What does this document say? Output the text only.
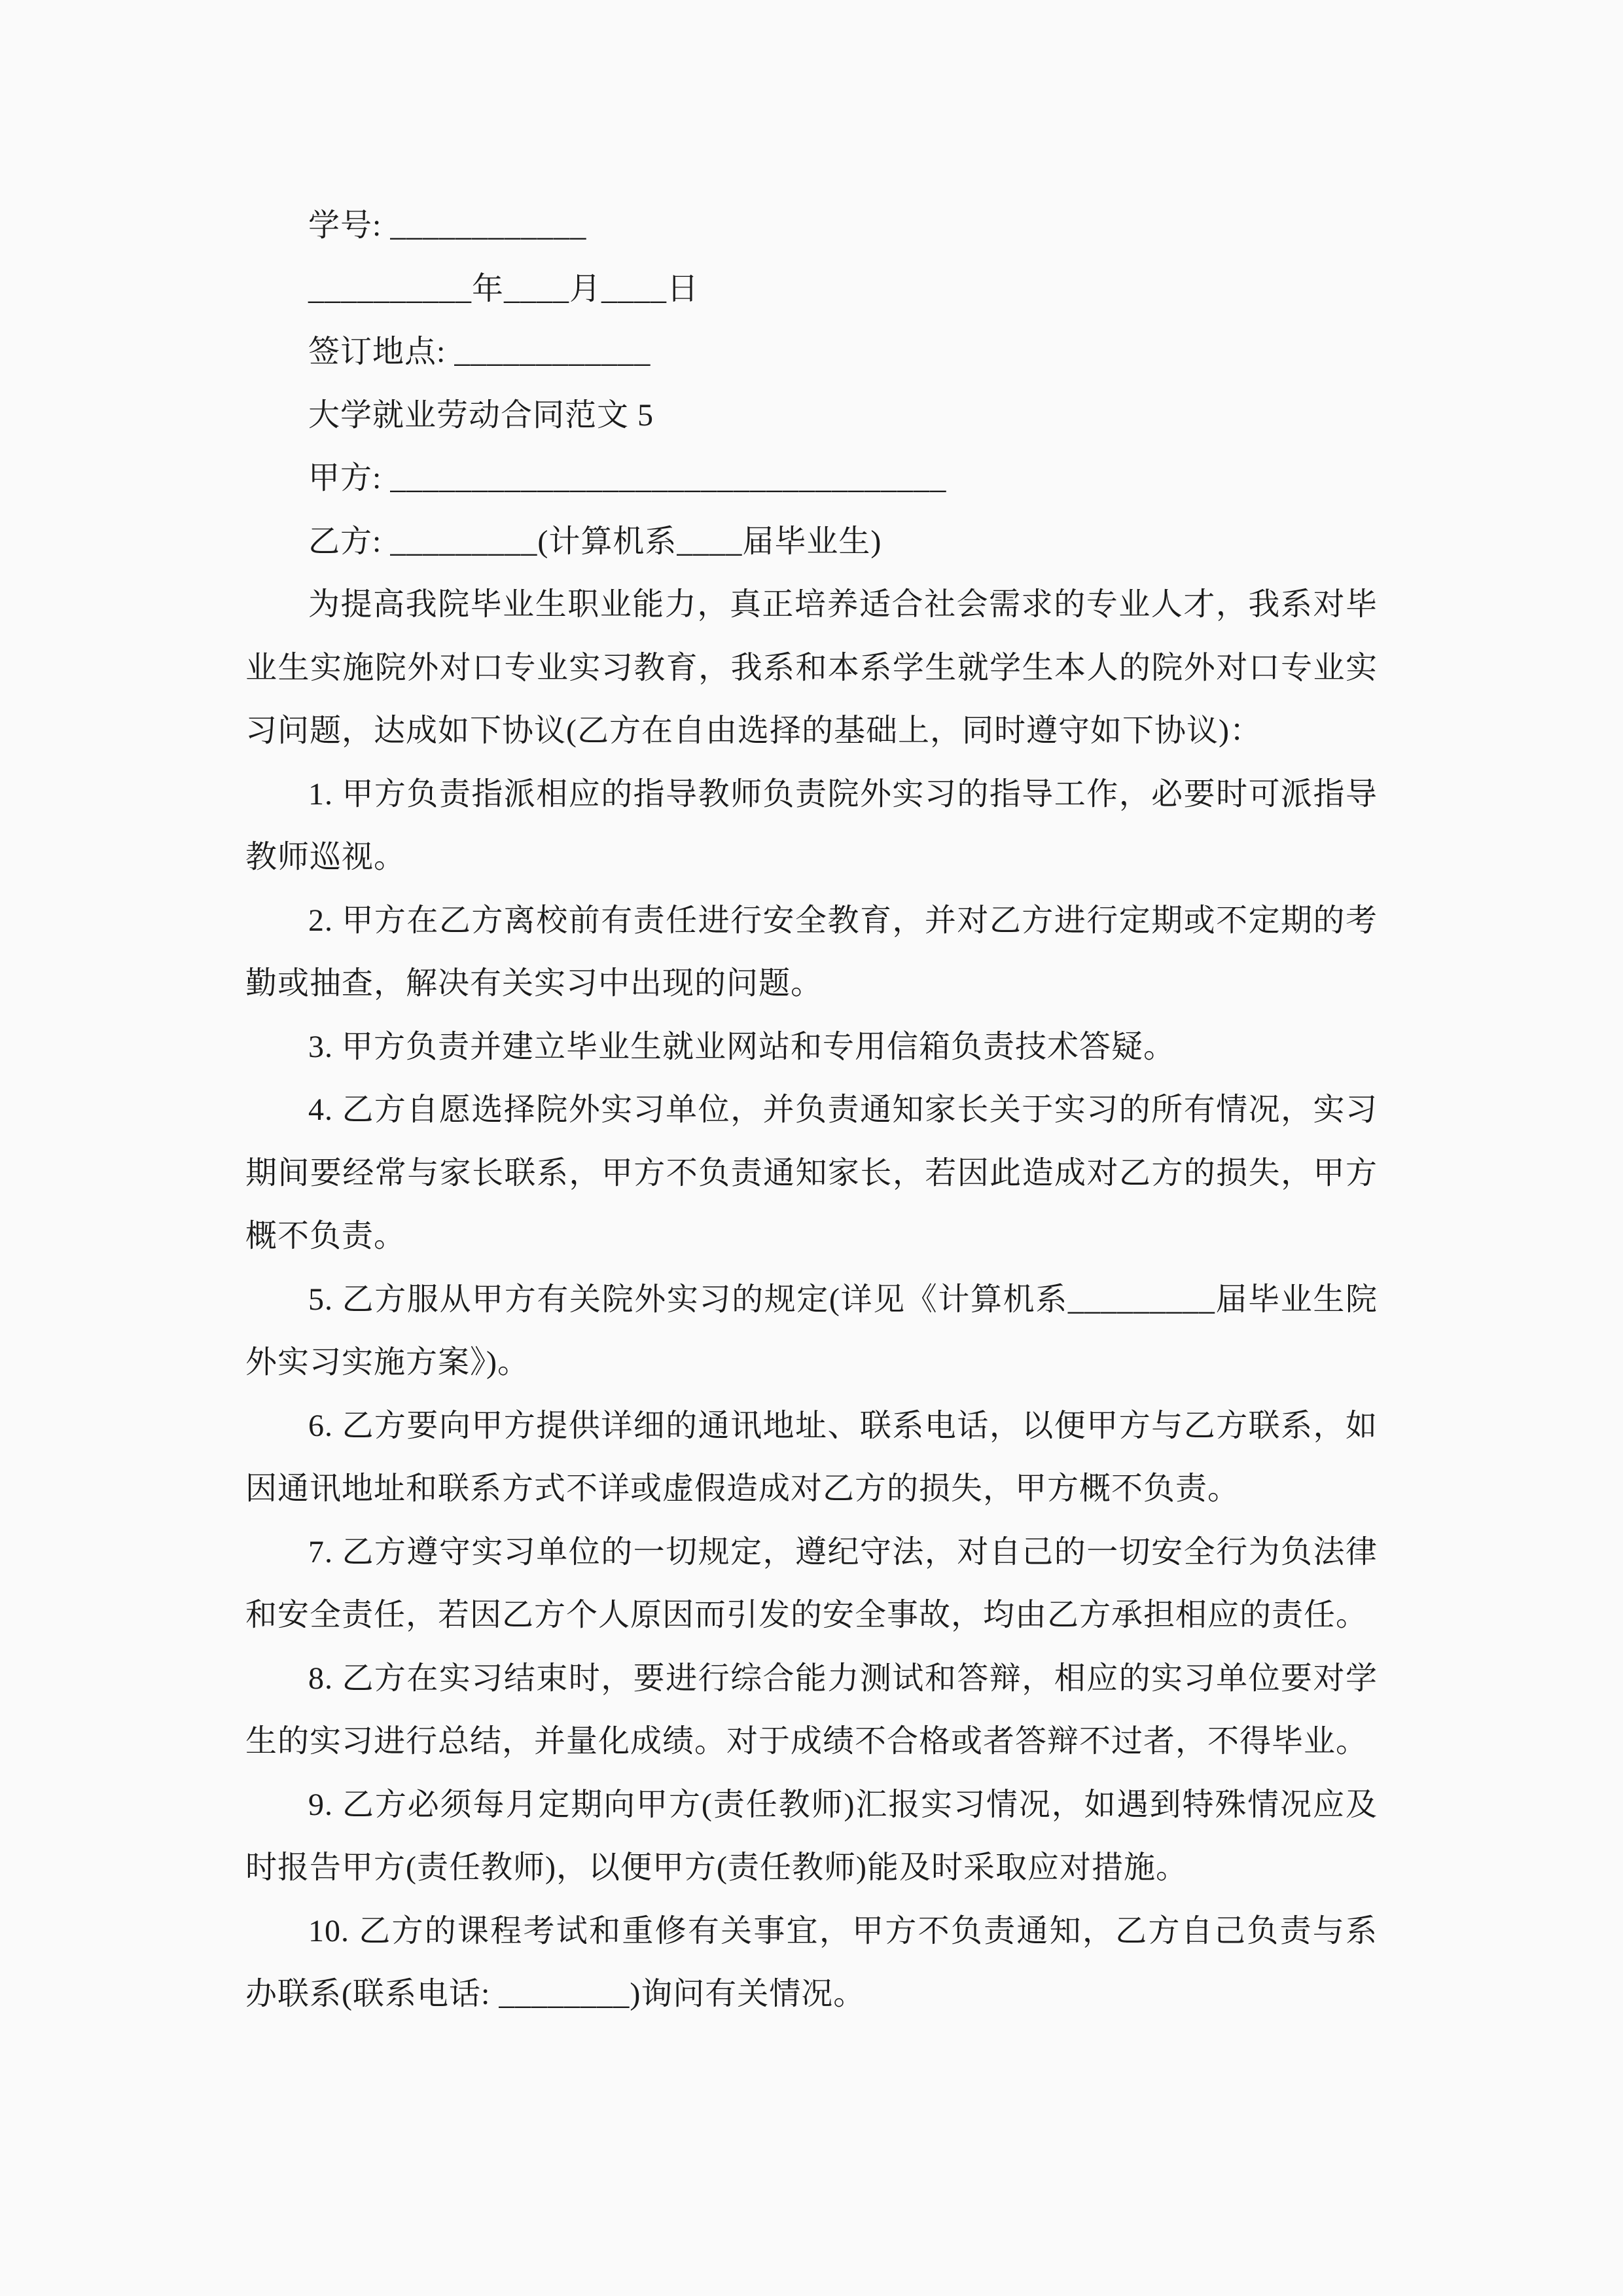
学号: ____________

__________年____月____日

签订地点: ____________

大学就业劳动合同范文 5

甲方: __________________________________

乙方: _________(计算机系____届毕业生)

为提高我院毕业生职业能力，真正培养适合社会需求的专业人才，我系对毕业生实施院外对口专业实习教育，我系和本系学生就学生本人的院外对口专业实习问题，达成如下协议(乙方在自由选择的基础上，同时遵守如下协议)：

1. 甲方负责指派相应的指导教师负责院外实习的指导工作，必要时可派指导教师巡视。

2. 甲方在乙方离校前有责任进行安全教育，并对乙方进行定期或不定期的考勤或抽查，解决有关实习中出现的问题。

3. 甲方负责并建立毕业生就业网站和专用信箱负责技术答疑。

4. 乙方自愿选择院外实习单位，并负责通知家长关于实习的所有情况，实习期间要经常与家长联系，甲方不负责通知家长，若因此造成对乙方的损失，甲方概不负责。

5. 乙方服从甲方有关院外实习的规定(详见《计算机系_________届毕业生院外实习实施方案》)。

6. 乙方要向甲方提供详细的通讯地址、联系电话，以便甲方与乙方联系，如因通讯地址和联系方式不详或虚假造成对乙方的损失，甲方概不负责。

7. 乙方遵守实习单位的一切规定，遵纪守法，对自己的一切安全行为负法律和安全责任，若因乙方个人原因而引发的安全事故，均由乙方承担相应的责任。

8. 乙方在实习结束时，要进行综合能力测试和答辩，相应的实习单位要对学生的实习进行总结，并量化成绩。对于成绩不合格或者答辩不过者，不得毕业。

9. 乙方必须每月定期向甲方(责任教师)汇报实习情况，如遇到特殊情况应及时报告甲方(责任教师)，以便甲方(责任教师)能及时采取应对措施。

10. 乙方的课程考试和重修有关事宜，甲方不负责通知，乙方自己负责与系办联系(联系电话: ________)询问有关情况。
